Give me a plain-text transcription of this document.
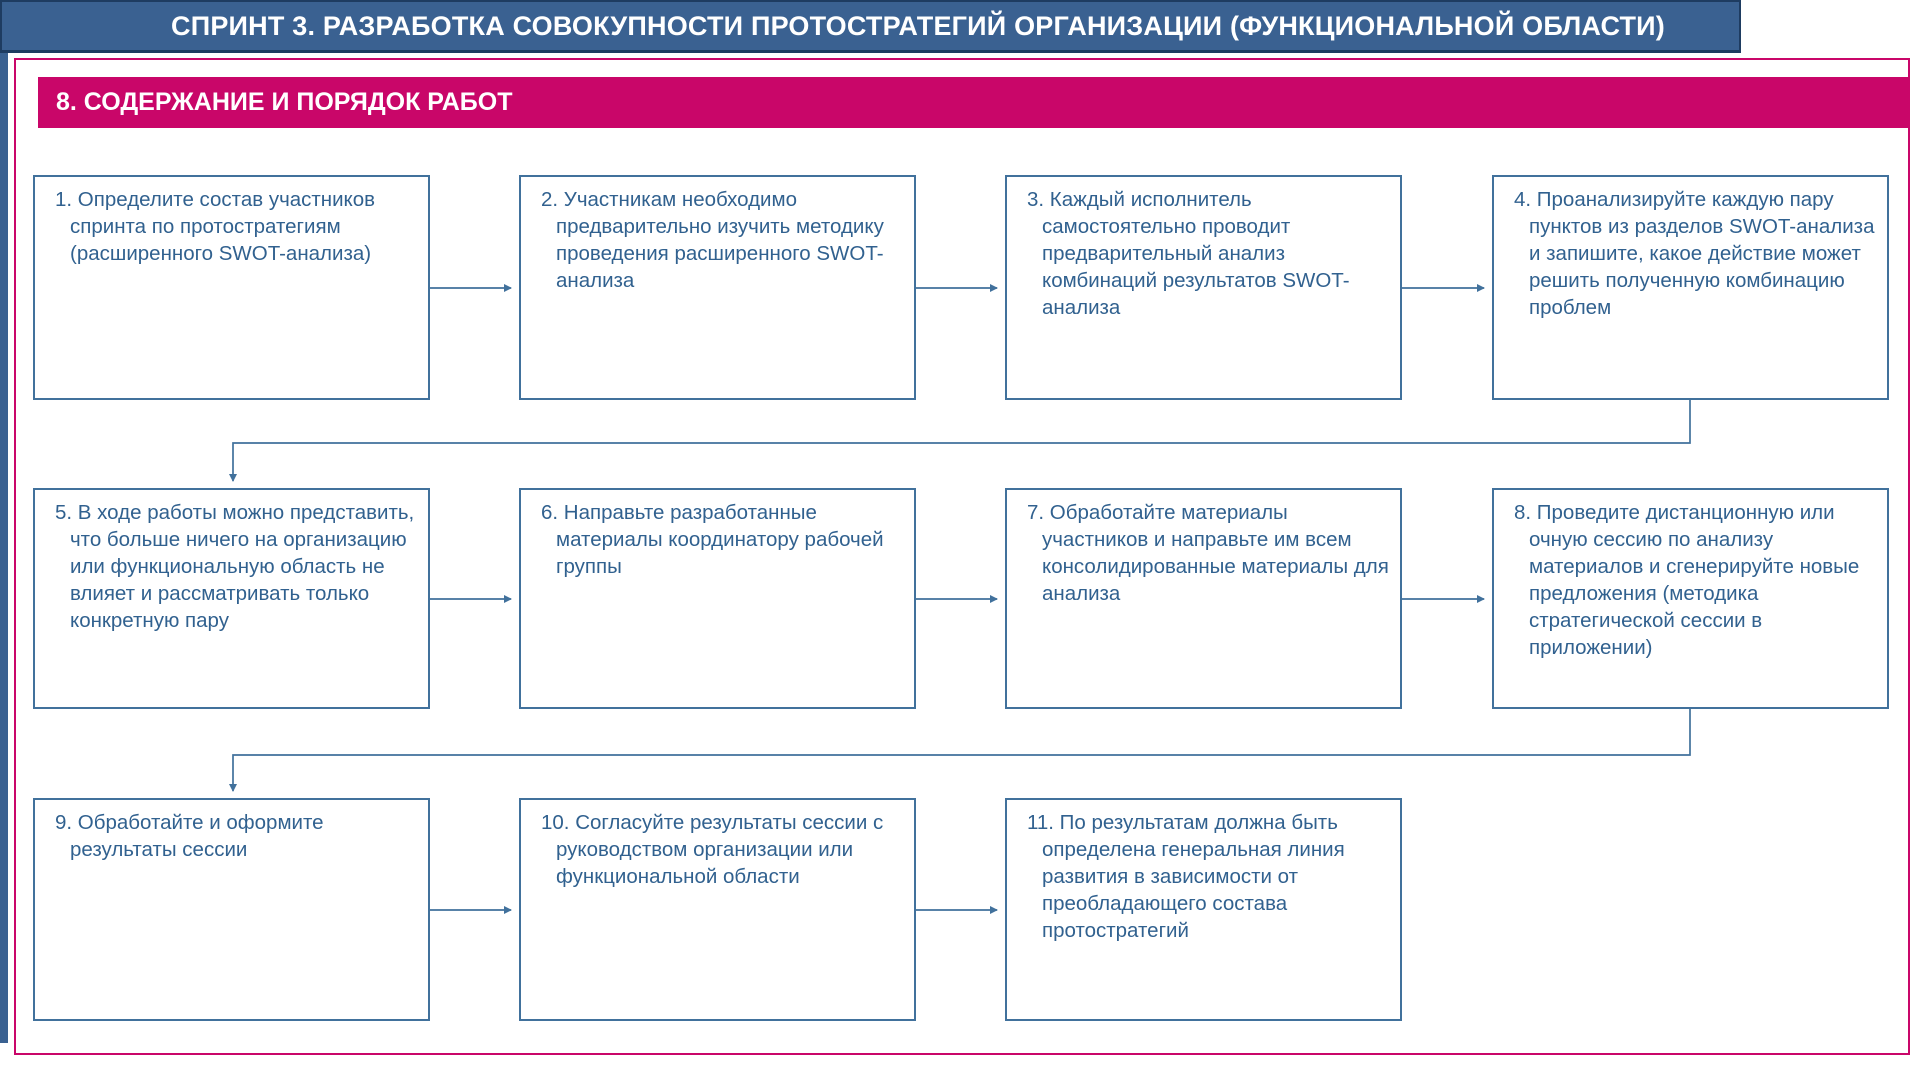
СПРИНТ 3. РАЗРАБОТКА СОВОКУПНОСТИ ПРОТОСТРАТЕГИЙ ОРГАНИЗАЦИИ (ФУНКЦИОНАЛЬНОЙ ОБЛАСТИ)
8. СОДЕРЖАНИЕ И ПОРЯДОК РАБОТ

1. Определите состав участников спринта по протостратегиям (расширенного SWOT-анализа)

2. Участникам необходимо предварительно изучить методику проведения расширенного SWOT-анализа

3. Каждый исполнитель самостоятельно проводит предварительный анализ комбинаций результатов SWOT-анализа

4. Проанализируйте каждую пару пунктов из разделов SWOT-анализа и запишите, какое действие может решить полученную комбинацию проблем

5. В ходе работы можно представить, что больше ничего на организацию или функциональную область не влияет и рассматривать только конкретную пару

6. Направьте разработанные материалы координатору рабочей группы

7. Обработайте материалы участников и направьте им всем консолидированные материалы для анализа

8. Проведите дистанционную или очную сессию по анализу материалов и сгенерируйте новые предложения (методика стратегической сессии в приложении)

9. Обработайте и оформите результаты сессии

10. Согласуйте результаты сессии с руководством организации или функциональной области

11. По результатам должна быть определена генеральная линия развития в зависимости от преобладающего состава протостратегий
